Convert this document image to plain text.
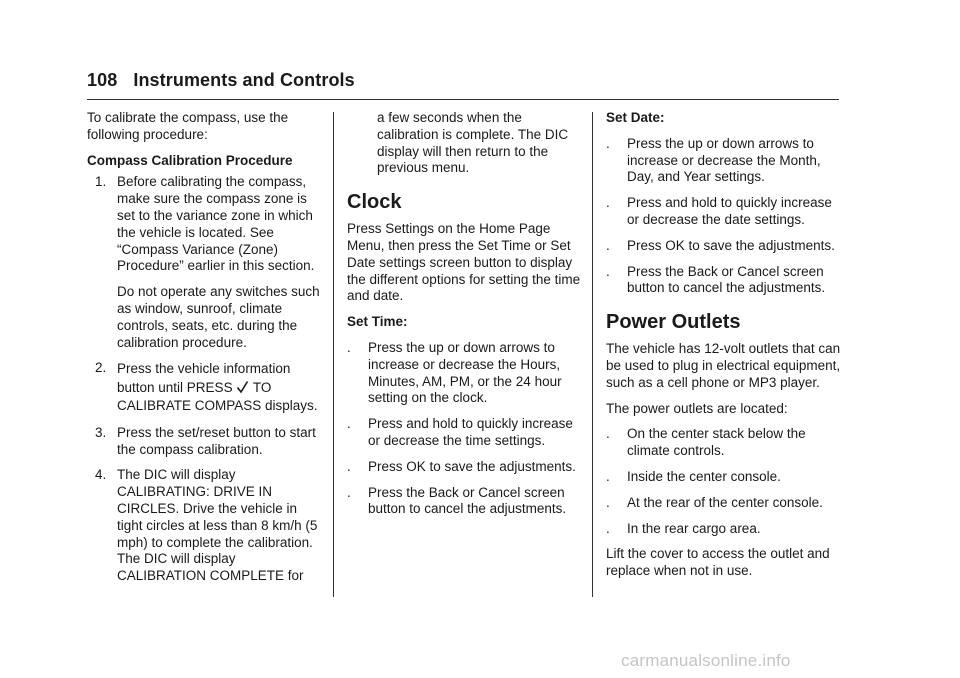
108 Instruments and Controls

To calibrate the compass, use the following procedure:

Compass Calibration Procedure

1. Before calibrating the compass, make sure the compass zone is set to the variance zone in which the vehicle is located. See “Compass Variance (Zone) Procedure” earlier in this section.

Do not operate any switches such as window, sunroof, climate controls, seats, etc. during the calibration procedure.

2. Press the vehicle information button until PRESS TO CALIBRATE COMPASS displays.
3. Press the set/reset button to start the compass calibration.

4. The DIC will display CALIBRATING: DRIVE IN CIRCLES. Drive the vehicle in tight circles at less than 8 km/h (5 mph) to complete the calibration. The DIC will display CALIBRATION COMPLETE for

a few seconds when the calibration is complete. The DIC display will then return to the previous menu.

Clock

Press Settings on the Home Page Menu, then press the Set Time or Set Date settings screen button to display the different options for setting the time and date.

Set Time:

.	Press the up or down arrows to increase or decrease the Hours, Minutes, AM, PM, or the 24 hour setting on the clock.
.	Press and hold to quickly increase or decrease the time settings.
.	Press OK to save the adjustments.
.	Press the Back or Cancel screen button to cancel the adjustments.

Set Date:

.	Press the up or down arrows to increase or decrease the Month, Day, and Year settings.
.	Press and hold to quickly increase or decrease the date settings.
.	Press OK to save the adjustments.
.	Press the Back or Cancel screen button to cancel the adjustments.
Power Outlets

The vehicle has 12-volt outlets that can be used to plug in electrical equipment, such as a cell phone or MP3 player.

The power outlets are located:

.	On the center stack below the climate controls.
.	Inside the center console.
.	At the rear of the center console.
.	In the rear cargo area.

Lift the cover to access the outlet and replace when not in use.

carmanualsonline.info
